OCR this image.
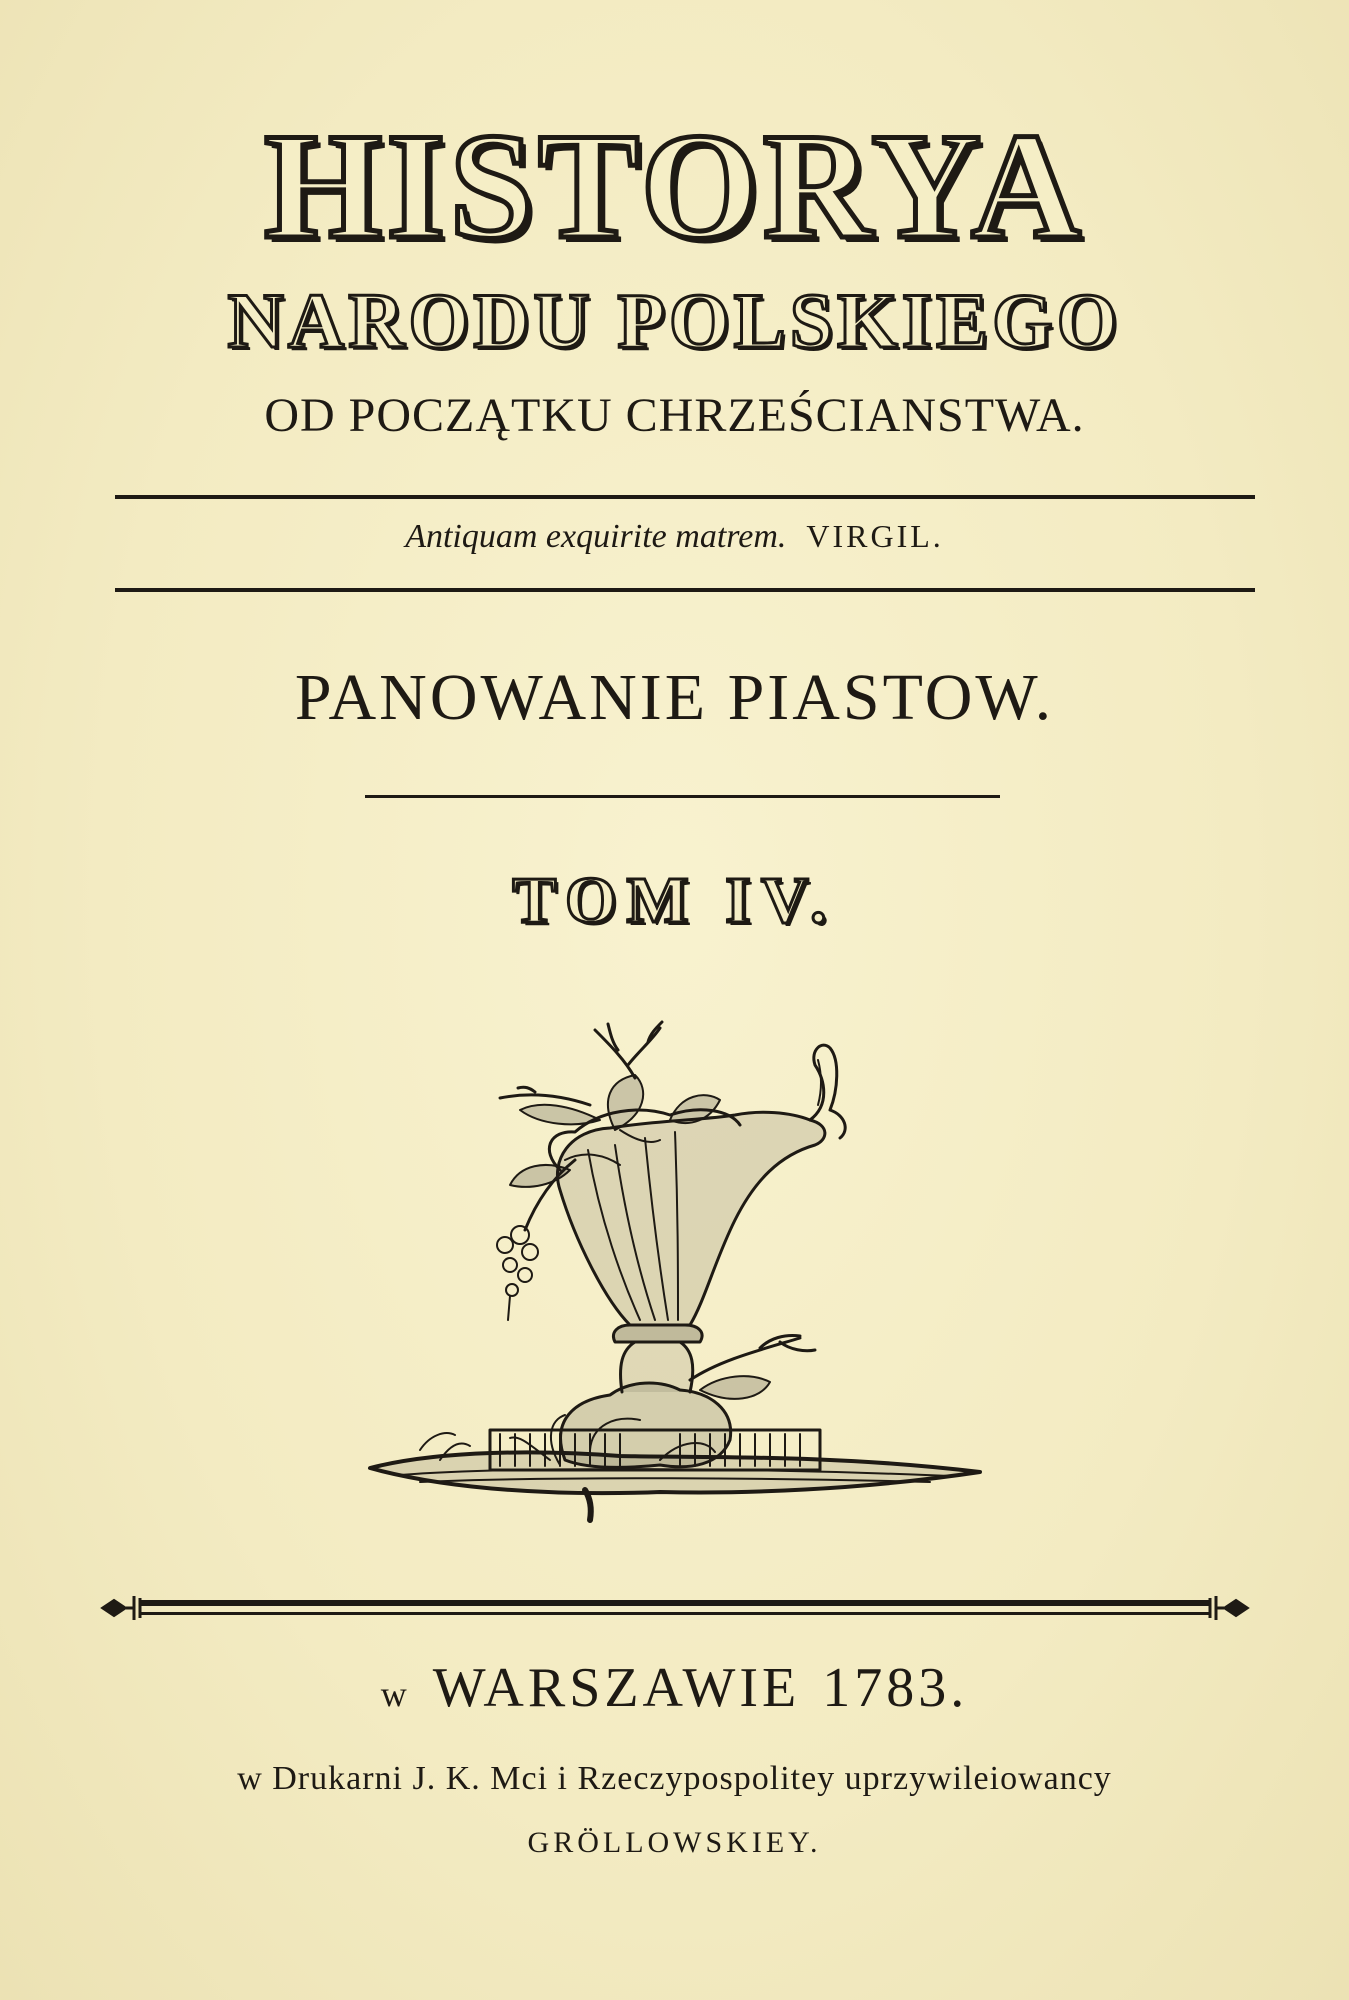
HISTORYA
NARODU POLSKIEGO
OD POCZĄTKU CHRZEŚCIANSTWA.
Antiquam exquirite matrem. VIRGIL.
PANOWANIE PIASTOW.
TOM IV.
w WARSZAWIE 1783.
w Drukarni J. K. Mci i Rzeczypospolitey uprzywileiowancy
GRÖLLOWSKIEY.
